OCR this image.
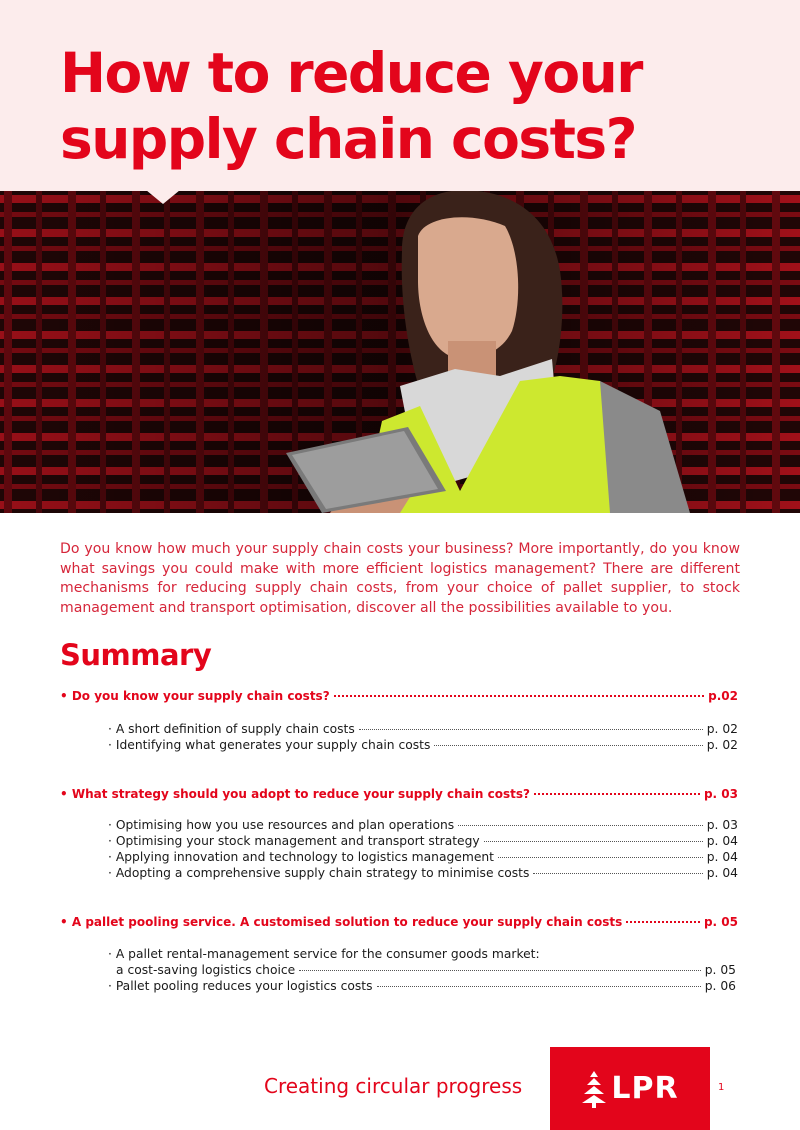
How to reduce your supply chain costs?

Do you know how much your supply chain costs your business? More importantly, do you know what savings you could make with more efficient logistics management? There are different mechanisms for reducing supply chain costs, from your choice of pallet supplier, to stock management and transport optimisation, discover all the possibilities available to you.

Summary
• Do you know your supply chain costs?	p.02
· A short definition of supply chain costs	p. 02
· Identifying what generates your supply chain costs	p. 02
• What strategy should you adopt to reduce your supply chain costs?	p. 03
· Optimising how you use resources and plan operations	p. 03
· Optimising your stock management and transport strategy	p. 04
· Applying innovation and technology to logistics management	p. 04
· Adopting a comprehensive supply chain strategy to minimise costs	p. 04
• A pallet pooling service. A customised solution to reduce your supply chain costs	p. 05
· A pallet rental-management service for the consumer goods market:
a cost-saving logistics choice	p. 05
· Pallet pooling reduces your logistics costs	p. 06
Creating circular progress	LPR	1
